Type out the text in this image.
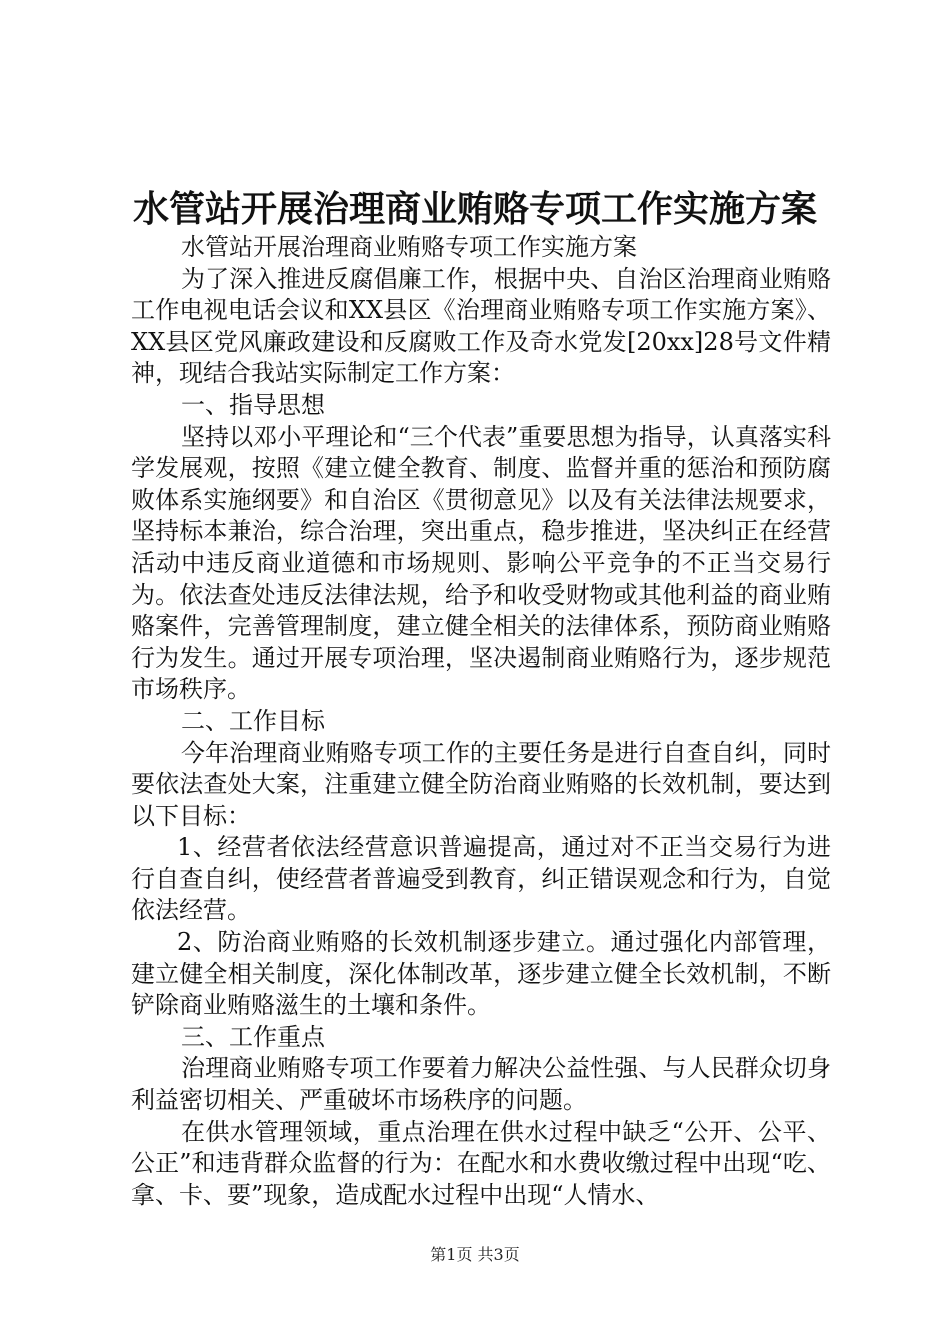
水管站开展治理商业贿赂专项工作实施方案

水管站开展治理商业贿赂专项工作实施方案

为了深入推进反腐倡廉工作，根据中央、自治区治理商业贿赂工作电视电话会议和XX县区《治理商业贿赂专项工作实施方案》、XX县区党风廉政建设和反腐败工作及奇水党发[20xx]28号文件精神，现结合我站实际制定工作方案：

一、指导思想

坚持以邓小平理论和“三个代表”重要思想为指导，认真落实科学发展观，按照《建立健全教育、制度、监督并重的惩治和预防腐败体系实施纲要》和自治区《贯彻意见》以及有关法律法规要求，坚持标本兼治，综合治理，突出重点，稳步推进，坚决纠正在经营活动中违反商业道德和市场规则、影响公平竞争的不正当交易行为。依法查处违反法律法规，给予和收受财物或其他利益的商业贿赂案件，完善管理制度，建立健全相关的法律体系，预防商业贿赂行为发生。通过开展专项治理，坚决遏制商业贿赂行为，逐步规范市场秩序。

二、工作目标

今年治理商业贿赂专项工作的主要任务是进行自查自纠，同时要依法查处大案，注重建立健全防治商业贿赂的长效机制，要达到以下目标：

1、经营者依法经营意识普遍提高，通过对不正当交易行为进行自查自纠，使经营者普遍受到教育，纠正错误观念和行为，自觉依法经营。

2、防治商业贿赂的长效机制逐步建立。通过强化内部管理，建立健全相关制度，深化体制改革，逐步建立健全长效机制，不断铲除商业贿赂滋生的土壤和条件。

三、工作重点

治理商业贿赂专项工作要着力解决公益性强、与人民群众切身利益密切相关、严重破坏市场秩序的问题。

在供水管理领域，重点治理在供水过程中缺乏“公开、公平、公正”和违背群众监督的行为：在配水和水费收缴过程中出现“吃、拿、卡、要”现象，造成配水过程中出现“人情水、

第1页 共3页
